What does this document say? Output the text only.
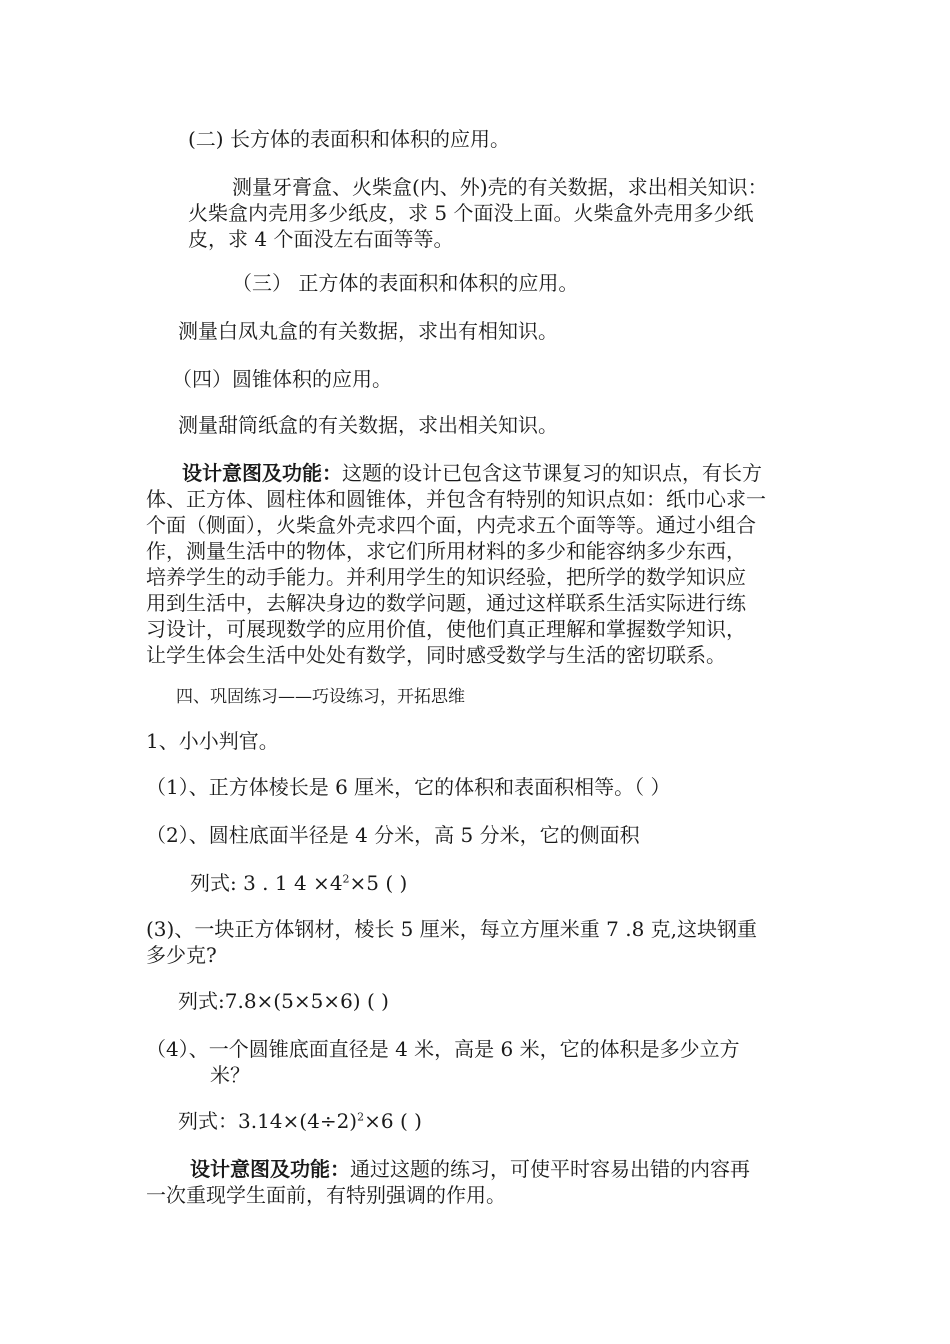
(二) 长方体的表面积和体积的应用。
测量牙膏盒、火柴盒(内、外)壳的有关数据，求出相关知识：
火柴盒内壳用多少纸皮，求 5 个面没上面。火柴盒外壳用多少纸
皮，求 4 个面没左右面等等。
（三） 正方体的表面积和体积的应用。
测量白凤丸盒的有关数据，求出有相知识。
（四）圆锥体积的应用。
测量甜筒纸盒的有关数据，求出相关知识。
设计意图及功能：这题的设计已包含这节课复习的知识点，有长方
体、正方体、圆柱体和圆锥体，并包含有特别的知识点如：纸巾心求一
个面（侧面），火柴盒外壳求四个面，内壳求五个面等等。通过小组合
作，测量生活中的物体，求它们所用材料的多少和能容纳多少东西，
培养学生的动手能力。并利用学生的知识经验，把所学的数学知识应
用到生活中，去解决身边的数学问题，通过这样联系生活实际进行练
习设计，可展现数学的应用价值，使他们真正理解和掌握数学知识，
让学生体会生活中处处有数学，同时感受数学与生活的密切联系。
四、巩固练习——巧设练习，开拓思维
1、小小判官。
（1）、正方体棱长是 6 厘米，它的体积和表面积相等。（ ）
（2）、圆柱底面半径是 4 分米，高 5 分米，它的侧面积
列式: 3 . 1 $4 \times 4^2\times 5$ ( )
(3)、一块正方体钢材，棱长 5 厘米，每立方厘米重 7 .8 克,这块钢重
多少克?
列式:7.8×(5×5×6) ( )
（4）、一个圆锥底面直径是 4 米，高是 6 米，它的体积是多少立方
米？
列式：$3.14\times(4\div 2)^2\times 6$ ( )
设计意图及功能：通过这题的练习，可使平时容易出错的内容再
一次重现学生面前，有特别强调的作用。
